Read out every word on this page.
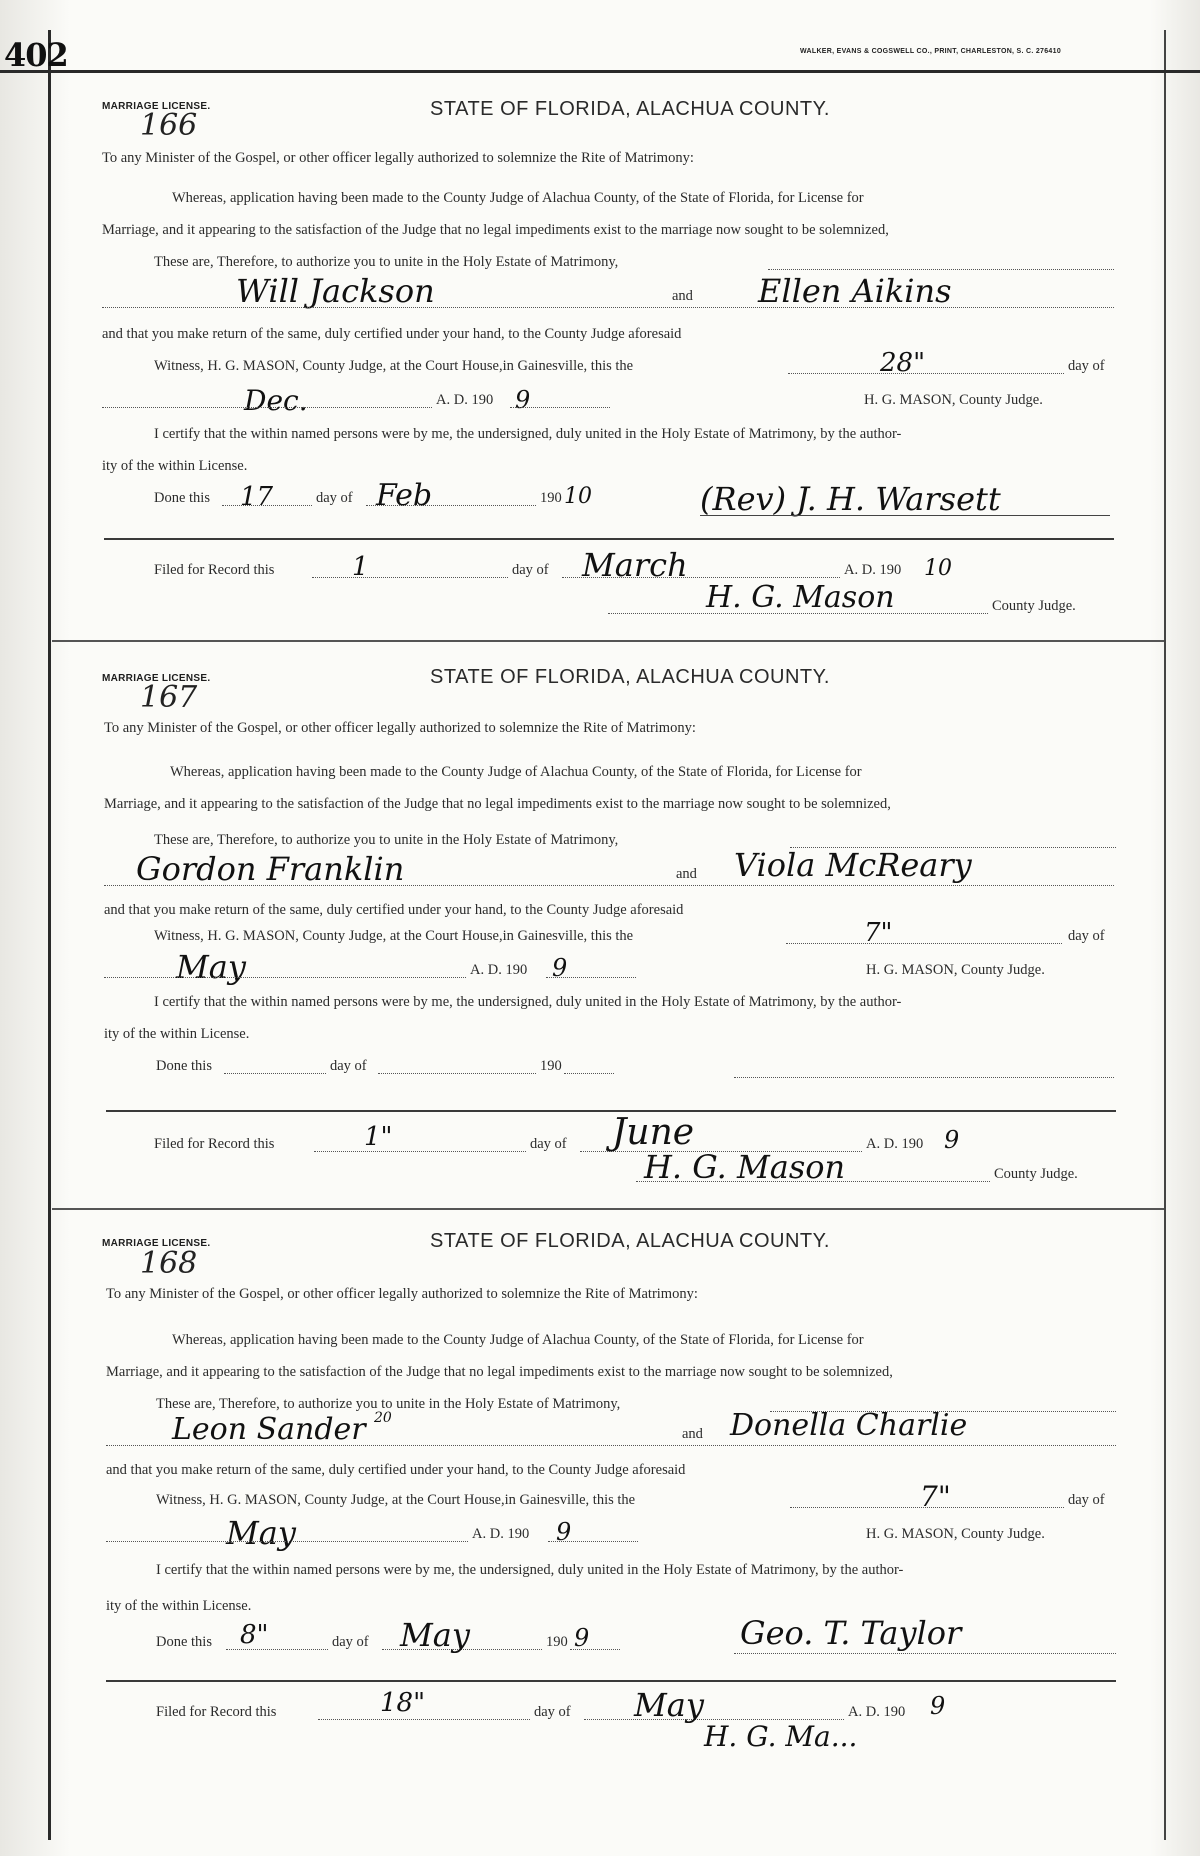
402	WALKER, EVANS & COGSWELL CO., PRINT, CHARLESTON, S. C. 276410
MARRIAGE LICENSE.
166	STATE OF FLORIDA, ALACHUA COUNTY.
To any Minister of the Gospel, or other officer legally authorized to solemnize the Rite of Matrimony:
Whereas, application having been made to the County Judge of Alachua County, of the State of Florida, for License for
Marriage, and it appearing to the satisfaction of the Judge that no legal impediments exist to the marriage now sought to be solemnized,
These are, Therefore, to authorize you to unite in the Holy Estate of Matrimony,
Will Jackson	and Ellen Aikins
and that you make return of the same, duly certified under your hand, to the County Judge aforesaid
Witness, H. G. MASON, County Judge, at the Court House,in Gainesville, this the	28"	day of
Dec.	A. D. 190 9	H. G. MASON, County Judge.
I certify that the within named persons were by me, the undersigned, duly united in the Holy Estate of Matrimony, by the author-
ity of the within License.
Done this 17	day of Feb	190 10	(Rev) J. H. Warsett
Filed for Record this	1	day of March	A. D. 190 10
H. G. Mason	County Judge.
MARRIAGE LICENSE.
167
STATE OF FLORIDA, ALACHUA COUNTY.
To any Minister of the Gospel, or other officer legally authorized to solemnize the Rite of Matrimony:
Whereas, application having been made to the County Judge of Alachua County, of the State of Florida, for License for
Marriage, and it appearing to the satisfaction of the Judge that no legal impediments exist to the marriage now sought to be solemnized,
These are, Therefore, to authorize you to unite in the Holy Estate of Matrimony,
Gordon Franklin	and Viola McReary
and that you make return of the same, duly certified under your hand, to the County Judge aforesaid
Witness, H. G. MASON, County Judge, at the Court House,in Gainesville, this the	7"	day of
May	A. D. 190 9	H. G. MASON, County Judge.
I certify that the within named persons were by me, the undersigned, duly united in the Holy Estate of Matrimony, by the author-
ity of the within License.
Done this	day of	190
Filed for Record this	1"	day of June	A. D. 190 9
H. G. Mason	County Judge.
MARRIAGE LICENSE.
168
STATE OF FLORIDA, ALACHUA COUNTY.
To any Minister of the Gospel, or other officer legally authorized to solemnize the Rite of Matrimony:
Whereas, application having been made to the County Judge of Alachua County, of the State of Florida, for License for
Marriage, and it appearing to the satisfaction of the Judge that no legal impediments exist to the marriage now sought to be solemnized,
These are, Therefore, to authorize you to unite in the Holy Estate of Matrimony,
Leon Sander 20
and Donella Charlie
and that you make return of the same, duly certified under your hand, to the County Judge aforesaid
Witness, H. G. MASON, County Judge, at the Court House,in Gainesville, this the	7"	day of
May	A. D. 190 9	H. G. MASON, County Judge.
I certify that the within named persons were by me, the undersigned, duly united in the Holy Estate of Matrimony, by the author-
ity of the within License.
Done this 8"	day of May	190 9	Geo. T. Taylor
Filed for Record this	18"	day of May	A. D. 190 9
H. G. Ma...
